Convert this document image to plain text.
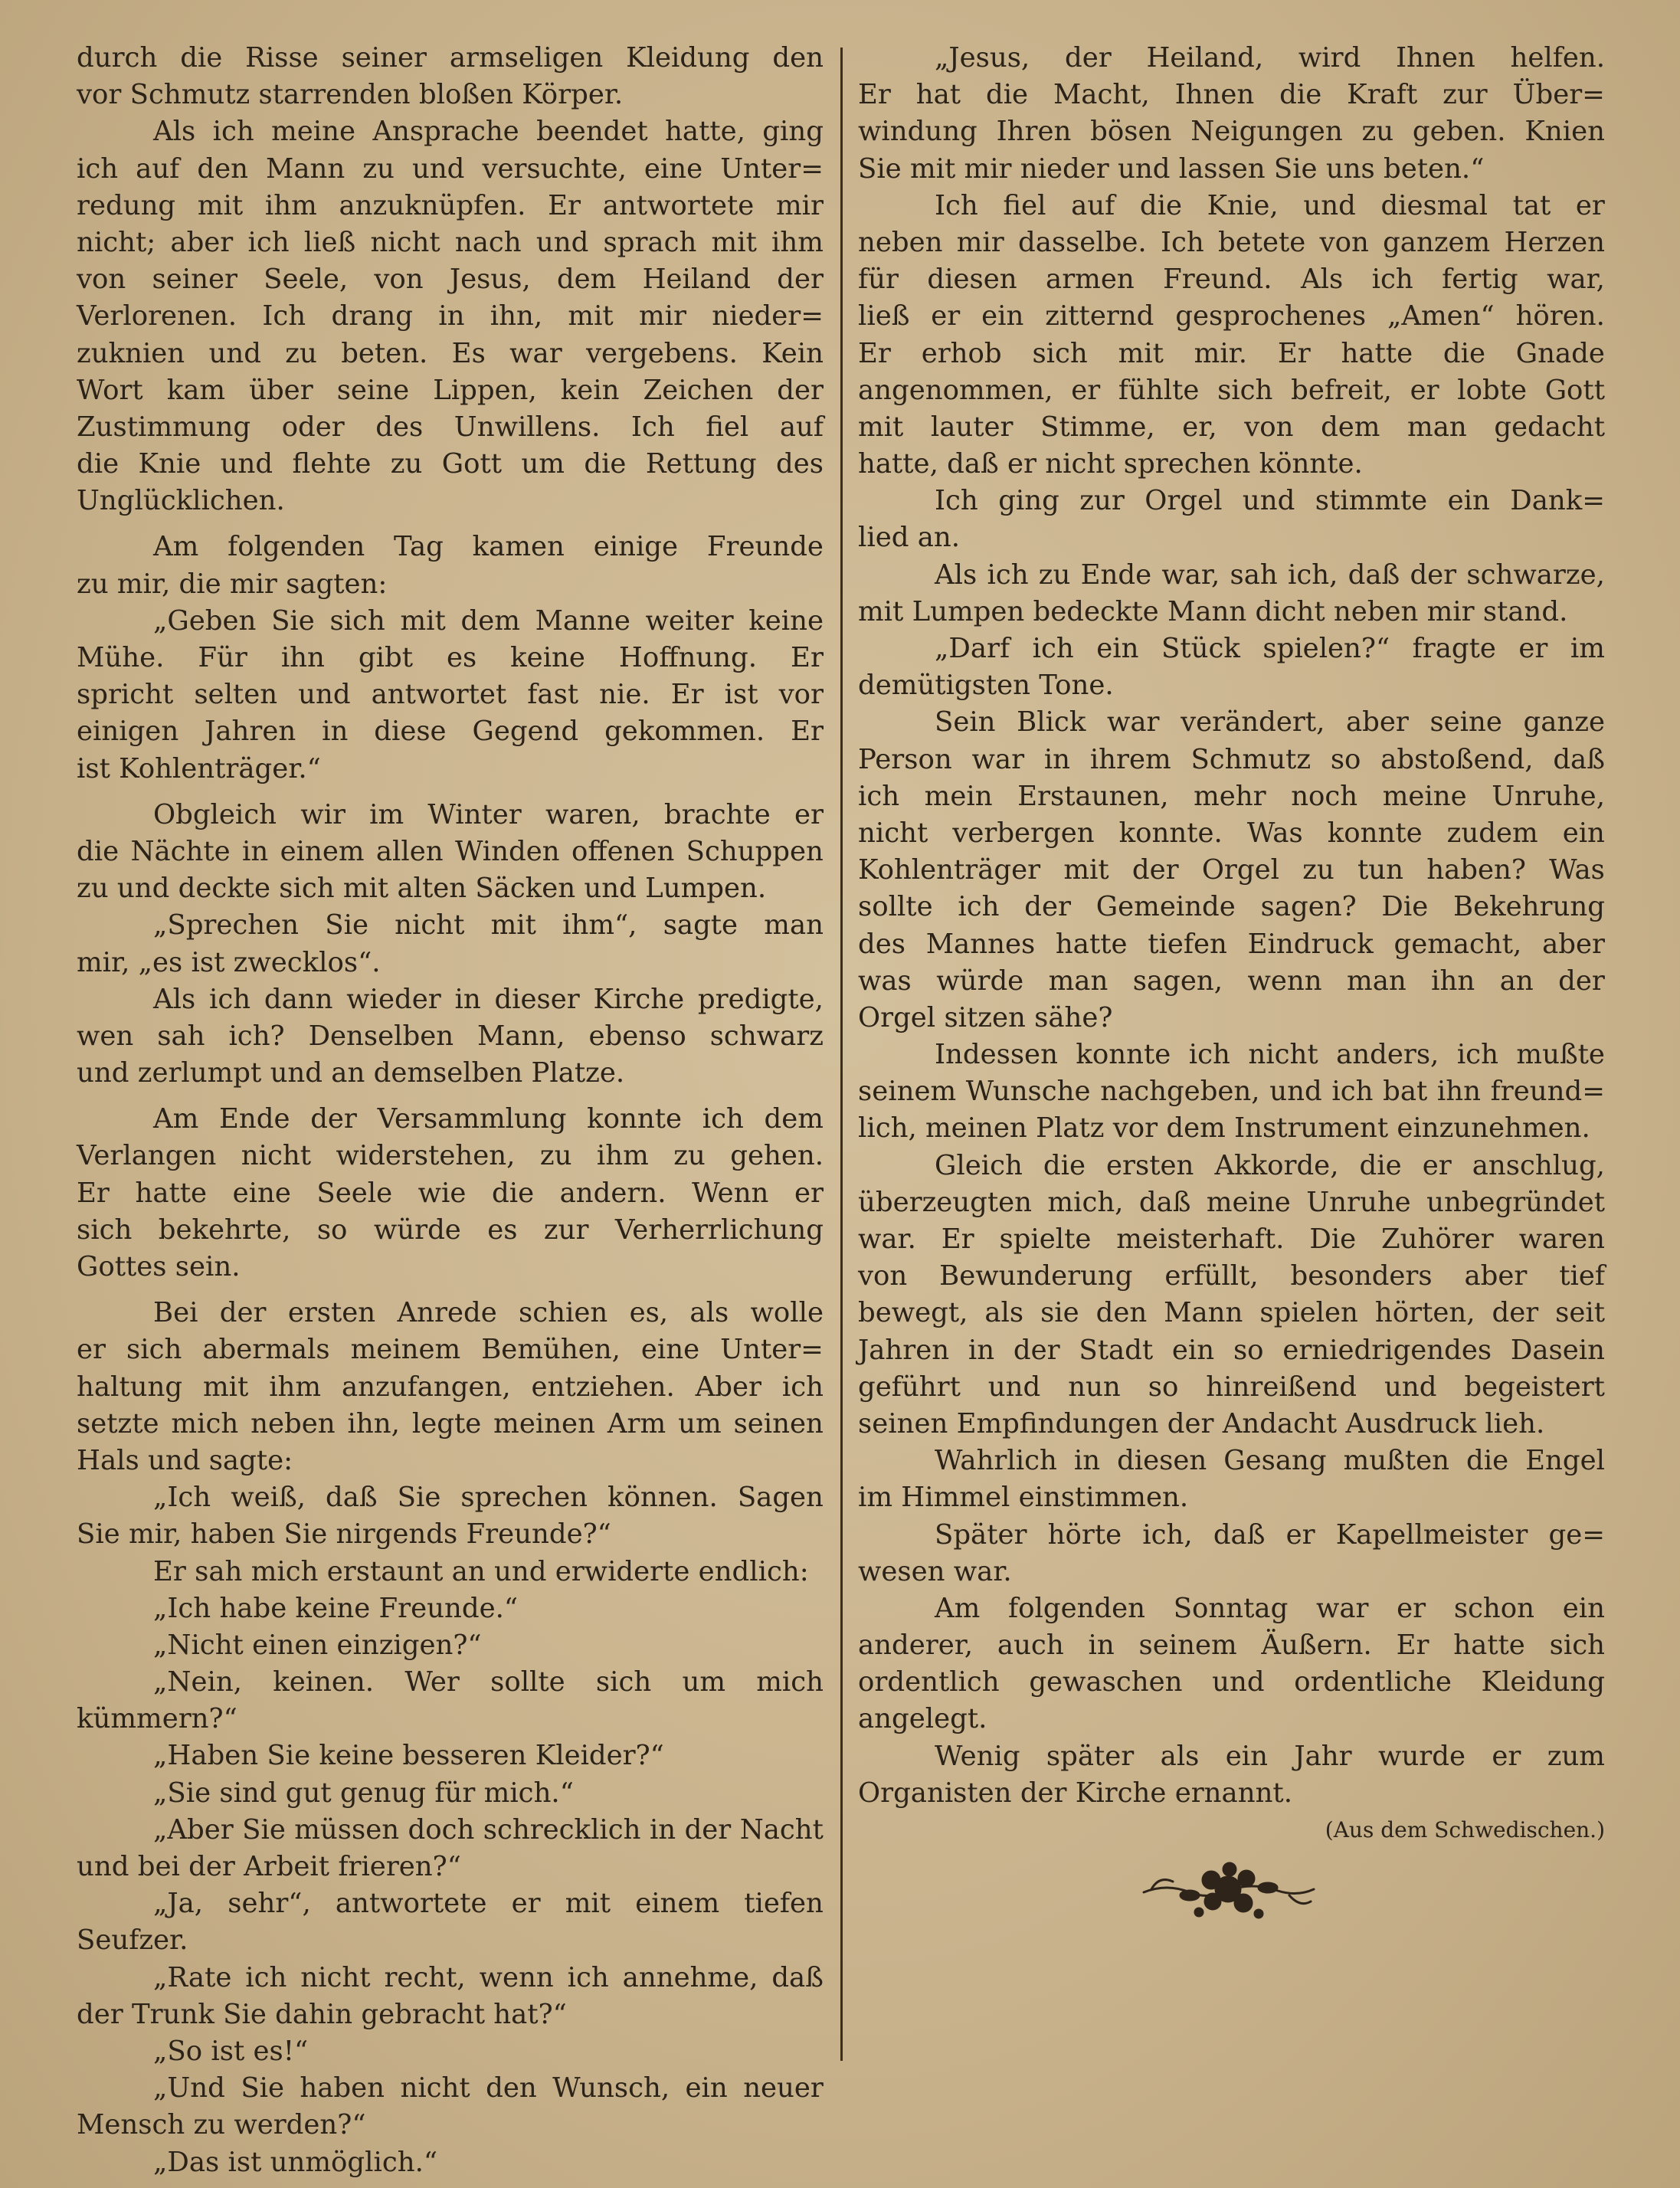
durch die Risse seiner armseligen Kleidung den
vor Schmutz starrenden bloßen Körper.
Als ich meine Ansprache beendet hatte, ging
ich auf den Mann zu und versuchte, eine Unter=
redung mit ihm anzuknüpfen. Er antwortete mir
nicht; aber ich ließ nicht nach und sprach mit ihm
von seiner Seele, von Jesus, dem Heiland der
Verlorenen. Ich drang in ihn, mit mir nieder=
zuknien und zu beten. Es war vergebens. Kein
Wort kam über seine Lippen, kein Zeichen der
Zustimmung oder des Unwillens. Ich fiel auf
die Knie und flehte zu Gott um die Rettung des
Unglücklichen.
Am folgenden Tag kamen einige Freunde
zu mir, die mir sagten:
„Geben Sie sich mit dem Manne weiter keine
Mühe. Für ihn gibt es keine Hoffnung. Er
spricht selten und antwortet fast nie. Er ist vor
einigen Jahren in diese Gegend gekommen. Er
ist Kohlenträger.“
Obgleich wir im Winter waren, brachte er
die Nächte in einem allen Winden offenen Schuppen
zu und deckte sich mit alten Säcken und Lumpen.
„Sprechen Sie nicht mit ihm“, sagte man
mir, „es ist zwecklos“.
Als ich dann wieder in dieser Kirche predigte,
wen sah ich? Denselben Mann, ebenso schwarz
und zerlumpt und an demselben Platze.
Am Ende der Versammlung konnte ich dem
Verlangen nicht widerstehen, zu ihm zu gehen.
Er hatte eine Seele wie die andern. Wenn er
sich bekehrte, so würde es zur Verherrlichung
Gottes sein.
Bei der ersten Anrede schien es, als wolle
er sich abermals meinem Bemühen, eine Unter=
haltung mit ihm anzufangen, entziehen. Aber ich
setzte mich neben ihn, legte meinen Arm um seinen
Hals und sagte:
„Ich weiß, daß Sie sprechen können. Sagen
Sie mir, haben Sie nirgends Freunde?“
Er sah mich erstaunt an und erwiderte endlich:
„Ich habe keine Freunde.“
„Nicht einen einzigen?“
„Nein, keinen. Wer sollte sich um mich
kümmern?“
„Haben Sie keine besseren Kleider?“
„Sie sind gut genug für mich.“
„Aber Sie müssen doch schrecklich in der Nacht
und bei der Arbeit frieren?“
„Ja, sehr“, antwortete er mit einem tiefen
Seufzer.
„Rate ich nicht recht, wenn ich annehme, daß
der Trunk Sie dahin gebracht hat?“
„So ist es!“
„Und Sie haben nicht den Wunsch, ein neuer
Mensch zu werden?“
„Das ist unmöglich.“
„Jesus, der Heiland, wird Ihnen helfen.
Er hat die Macht, Ihnen die Kraft zur Über=
windung Ihren bösen Neigungen zu geben. Knien
Sie mit mir nieder und lassen Sie uns beten.“
Ich fiel auf die Knie, und diesmal tat er
neben mir dasselbe. Ich betete von ganzem Herzen
für diesen armen Freund. Als ich fertig war,
ließ er ein zitternd gesprochenes „Amen“ hören.
Er erhob sich mit mir. Er hatte die Gnade
angenommen, er fühlte sich befreit, er lobte Gott
mit lauter Stimme, er, von dem man gedacht
hatte, daß er nicht sprechen könnte.
Ich ging zur Orgel und stimmte ein Dank=
lied an.
Als ich zu Ende war, sah ich, daß der schwarze,
mit Lumpen bedeckte Mann dicht neben mir stand.
„Darf ich ein Stück spielen?“ fragte er im
demütigsten Tone.
Sein Blick war verändert, aber seine ganze
Person war in ihrem Schmutz so abstoßend, daß
ich mein Erstaunen, mehr noch meine Unruhe,
nicht verbergen konnte. Was konnte zudem ein
Kohlenträger mit der Orgel zu tun haben? Was
sollte ich der Gemeinde sagen? Die Bekehrung
des Mannes hatte tiefen Eindruck gemacht, aber
was würde man sagen, wenn man ihn an der
Orgel sitzen sähe?
Indessen konnte ich nicht anders, ich mußte
seinem Wunsche nachgeben, und ich bat ihn freund=
lich, meinen Platz vor dem Instrument einzunehmen.
Gleich die ersten Akkorde, die er anschlug,
überzeugten mich, daß meine Unruhe unbegründet
war. Er spielte meisterhaft. Die Zuhörer waren
von Bewunderung erfüllt, besonders aber tief
bewegt, als sie den Mann spielen hörten, der seit
Jahren in der Stadt ein so erniedrigendes Dasein
geführt und nun so hinreißend und begeistert
seinen Empfindungen der Andacht Ausdruck lieh.
Wahrlich in diesen Gesang mußten die Engel
im Himmel einstimmen.
Später hörte ich, daß er Kapellmeister ge=
wesen war.
Am folgenden Sonntag war er schon ein
anderer, auch in seinem Äußern. Er hatte sich
ordentlich gewaschen und ordentliche Kleidung
angelegt.
Wenig später als ein Jahr wurde er zum
Organisten der Kirche ernannt.
(Aus dem Schwedischen.)
